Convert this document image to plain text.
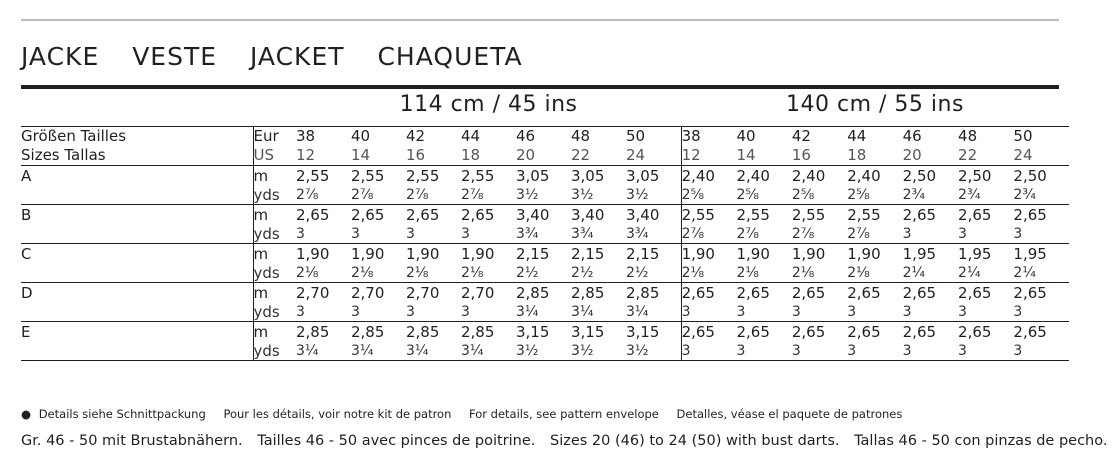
JACKE VESTE JACKET CHAQUETA
		114 cm / 45 ins							140 cm / 55 ins						
Größen Tailles	Eur	38	40	42	44	46	48	50	38	40	42	44	46	48	50
Sizes Tallas	US	12	14	16	18	20	22	24	12	14	16	18	20	22	24
A	m	2,55	2,55	2,55	2,55	3,05	3,05	3,05	2,40	2,40	2,40	2,40	2,50	2,50	2,50
	yds	2⅞	2⅞	2⅞	2⅞	3½	3½	3½	2⅝	2⅝	2⅝	2⅝	2¾	2¾	2¾
B	m	2,65	2,65	2,65	2,65	3,40	3,40	3,40	2,55	2,55	2,55	2,55	2,65	2,65	2,65
	yds	3	3	3	3	3¾	3¾	3¾	2⅞	2⅞	2⅞	2⅞	3	3	3
C	m	1,90	1,90	1,90	1,90	2,15	2,15	2,15	1,90	1,90	1,90	1,90	1,95	1,95	1,95
	yds	2⅛	2⅛	2⅛	2⅛	2½	2½	2½	2⅛	2⅛	2⅛	2⅛	2¼	2¼	2¼
D	m	2,70	2,70	2,70	2,70	2,85	2,85	2,85	2,65	2,65	2,65	2,65	2,65	2,65	2,65
	yds	3	3	3	3	3¼	3¼	3¼	3	3	3	3	3	3	3
E	m	2,85	2,85	2,85	2,85	3,15	3,15	3,15	2,65	2,65	2,65	2,65	2,65	2,65	2,65
	yds	3¼	3¼	3¼	3¼	3½	3½	3½	3	3	3	3	3	3	3
● Details siehe Schnittpackung Pour les détails, voir notre kit de patron For details, see pattern envelope Detalles, véase el paquete de patrones
Gr. 46 - 50 mit Brustabnähern. Tailles 46 - 50 avec pinces de poitrine. Sizes 20 (46) to 24 (50) with bust darts. Tallas 46 - 50 con pinzas de pecho.
